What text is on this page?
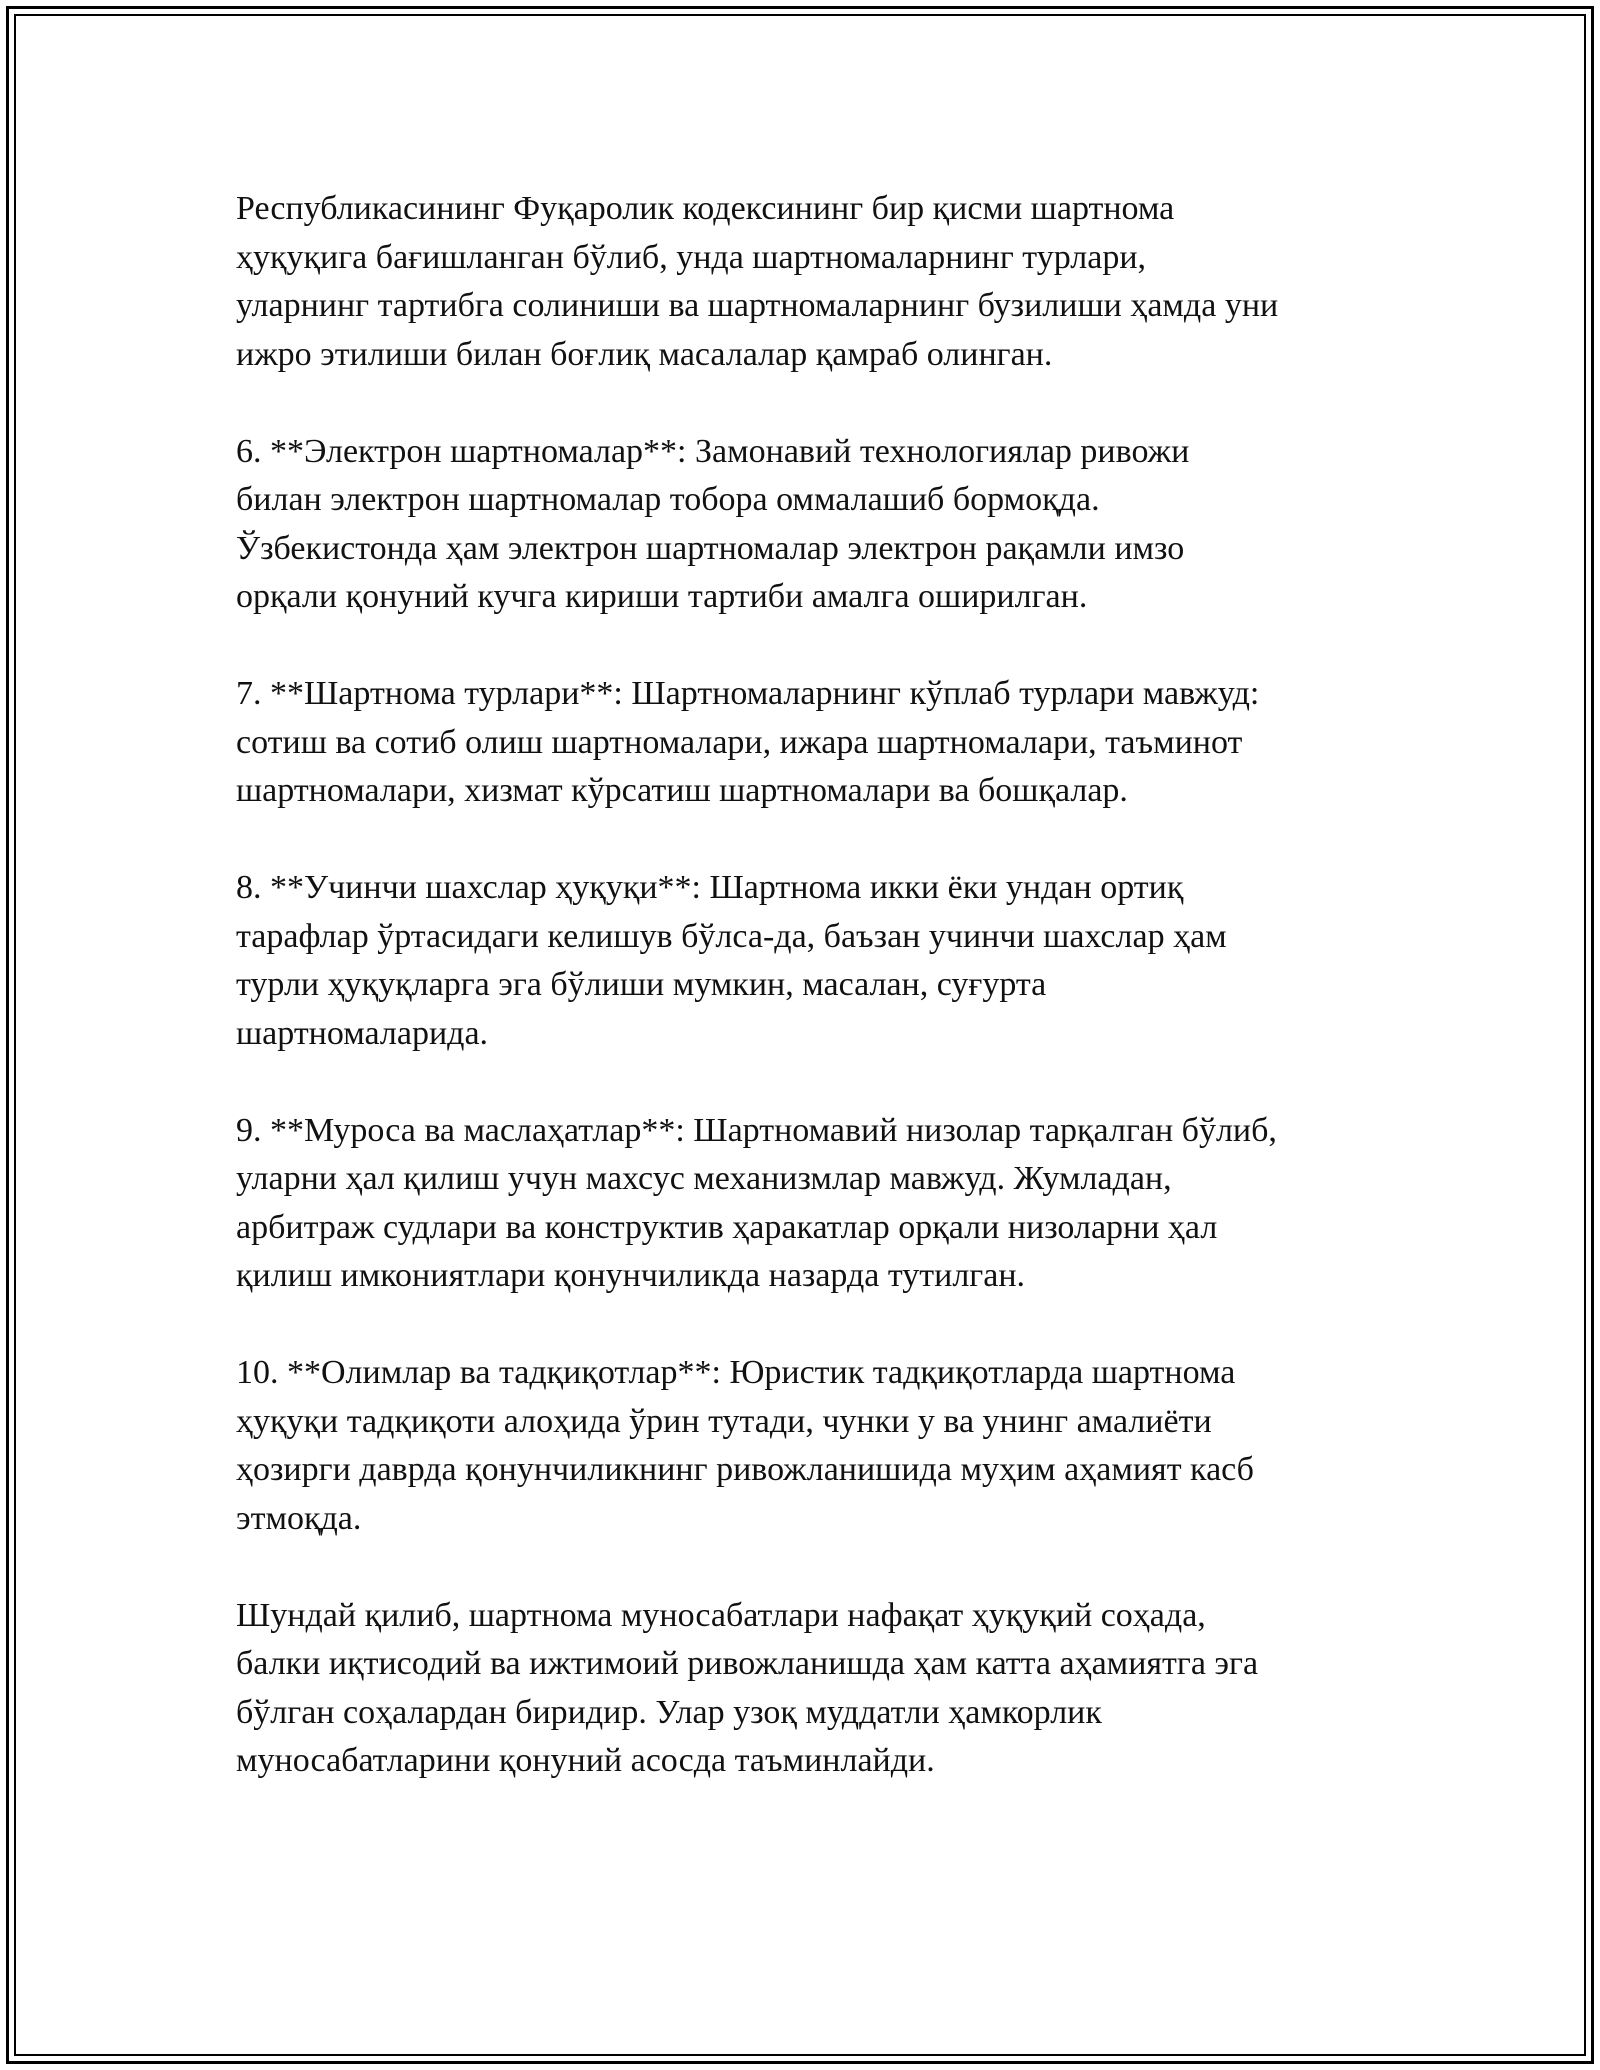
Республикасининг Фуқаролик кодексининг бир қисми шартнома
ҳуқуқига бағишланган бўлиб, унда шартномаларнинг турлари,
уларнинг тартибга солиниши ва шартномаларнинг бузилиши ҳамда уни
ижро этилиши билан боғлиқ масалалар қамраб олинган.

6. **Электрон шартномалар**: Замонавий технологиялар ривожи
билан электрон шартномалар тобора оммалашиб бормоқда.
Ўзбекистонда ҳам электрон шартномалар электрон рақамли имзо
орқали қонуний кучга кириши тартиби амалга оширилган.

7. **Шартнома турлари**: Шартномаларнинг кўплаб турлари мавжуд:
сотиш ва сотиб олиш шартномалари, ижара шартномалари, таъминот
шартномалари, хизмат кўрсатиш шартномалари ва бошқалар.

8. **Учинчи шахслар ҳуқуқи**: Шартнома икки ёки ундан ортиқ
тарафлар ўртасидаги келишув бўлса-да, баъзан учинчи шахслар ҳам
турли ҳуқуқларга эга бўлиши мумкин, масалан, суғурта
шартномаларида.

9. **Муроса ва маслаҳатлар**: Шартномавий низолар тарқалган бўлиб,
уларни ҳал қилиш учун махсус механизмлар мавжуд. Жумладан,
арбитраж судлари ва конструктив ҳаракатлар орқали низоларни ҳал
қилиш имкониятлари қонунчиликда назарда тутилган.

10. **Олимлар ва тадқиқотлар**: Юристик тадқиқотларда шартнома
ҳуқуқи тадқиқоти алоҳида ўрин тутади, чунки у ва унинг амалиёти
ҳозирги даврда қонунчиликнинг ривожланишида муҳим аҳамият касб
этмоқда.

Шундай қилиб, шартнома муносабатлари нафақат ҳуқуқий соҳада,
балки иқтисодий ва ижтимоий ривожланишда ҳам катта аҳамиятга эга
бўлган соҳалардан биридир. Улар узоқ муддатли ҳамкорлик
муносабатларини қонуний асосда таъминлайди.
